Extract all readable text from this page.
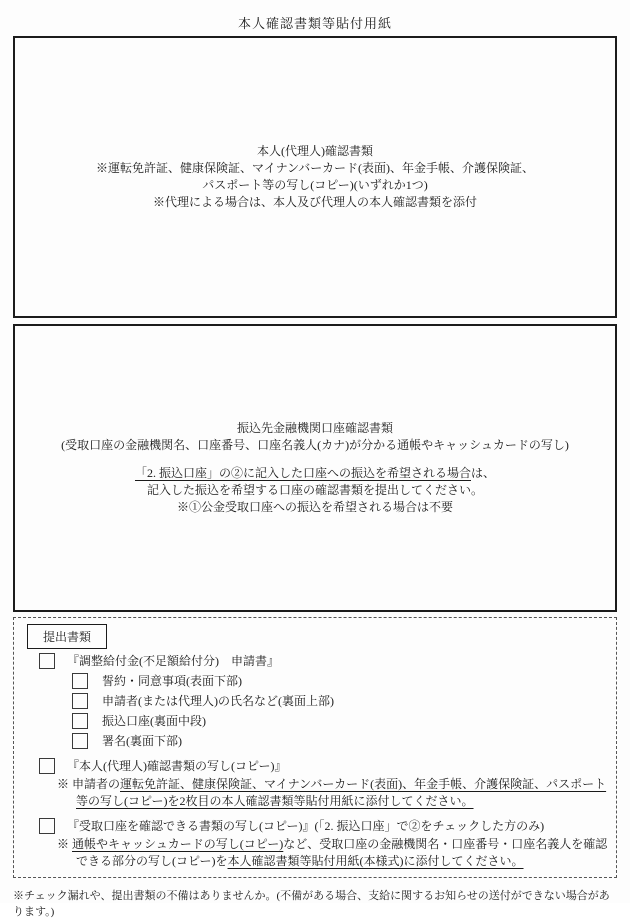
本人確認書類等貼付用紙
本人(代理人)確認書類
※運転免許証、健康保険証、マイナンバーカード(表面)、年金手帳、介護保険証、
パスポート等の写し(コピー)(いずれか1つ)
※代理による場合は、本人及び代理人の本人確認書類を添付
振込先金融機関口座確認書類
(受取口座の金融機関名、口座番号、口座名義人(カナ)が分かる通帳やキャッシュカードの写し)
「2. 振込口座」の②に記入した口座への振込を希望される場合は、
記入した振込を希望する口座の確認書類を提出してください。
※①公金受取口座への振込を希望される場合は不要
提出書類
『調整給付金(不足額給付分)　申請書』
誓約・同意事項(表面下部)
申請者(または代理人)の氏名など(裏面上部)
振込口座(裏面中段)
署名(裏面下部)
『本人(代理人)確認書類の写し(コピー)』
※ 申請者の運転免許証、健康保険証、マイナンバーカード(表面)、年金手帳、介護保険証、パスポート
等の写し(コピー)を2枚目の本人確認書類等貼付用紙に添付してください。
『受取口座を確認できる書類の写し(コピー)』(「2. 振込口座」で②をチェックした方のみ)
※ 通帳やキャッシュカードの写し(コピー)など、受取口座の金融機関名・口座番号・口座名義人を確認
できる部分の写し(コピー)を本人確認書類等貼付用紙(本様式)に添付してください。
※チェック漏れや、提出書類の不備はありませんか。(不備がある場合、支給に関するお知らせの送付ができない場合があります。)
